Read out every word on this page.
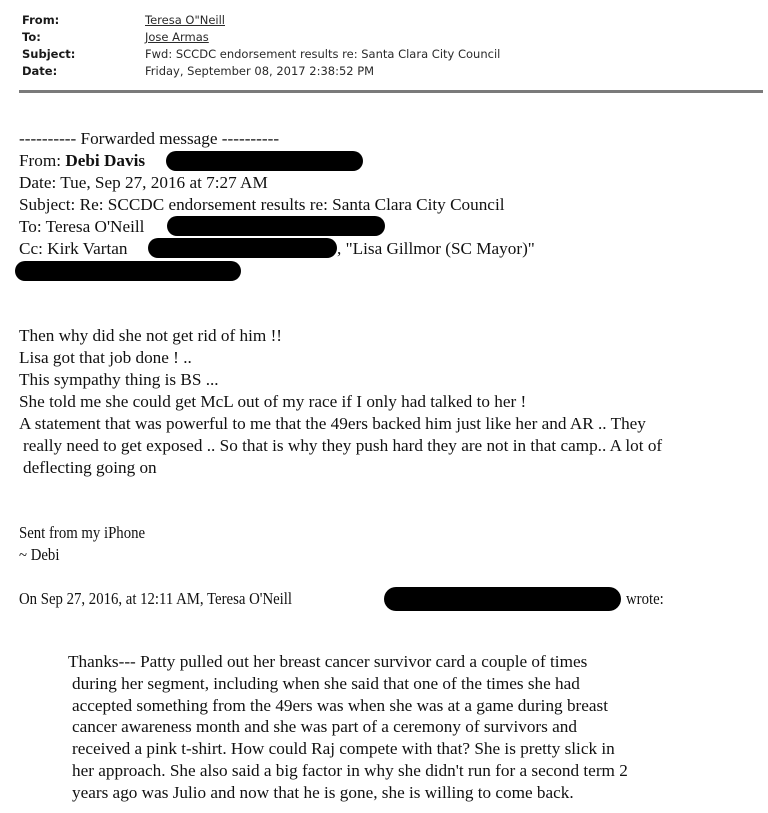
From:	Teresa O"Neill
To:	Jose Armas
Subject:	Fwd: SCCDC endorsement results re: Santa Clara City Council
Date:	Friday, September 08, 2017 2:38:52 PM
---------- Forwarded message ----------
From: Debi Davis
Date: Tue, Sep 27, 2016 at 7:27 AM
Subject: Re: SCCDC endorsement results re: Santa Clara City Council
To: Teresa O'Neill
Cc: Kirk Vartan	, "Lisa Gillmor (SC Mayor)"
Then why did she not get rid of him !!
Lisa got that job done ! ..
This sympathy thing is BS ...
She told me she could get McL out of my race if I only had talked to her !
A statement that was powerful to me that the 49ers backed him just like her and AR .. They
really need to get exposed .. So that is why they push hard they are not in that camp.. A lot of
deflecting going on
Sent from my iPhone
~ Debi
On Sep 27, 2016, at 12:11 AM, Teresa O'Neill	wrote:
Thanks--- Patty pulled out her breast cancer survivor card a couple of times
during her segment, including when she said that one of the times she had
accepted something from the 49ers was when she was at a game during breast
cancer awareness month and she was part of a ceremony of survivors and
received a pink t-shirt. How could Raj compete with that? She is pretty slick in
her approach. She also said a big factor in why she didn't run for a second term 2
years ago was Julio and now that he is gone, she is willing to come back.
